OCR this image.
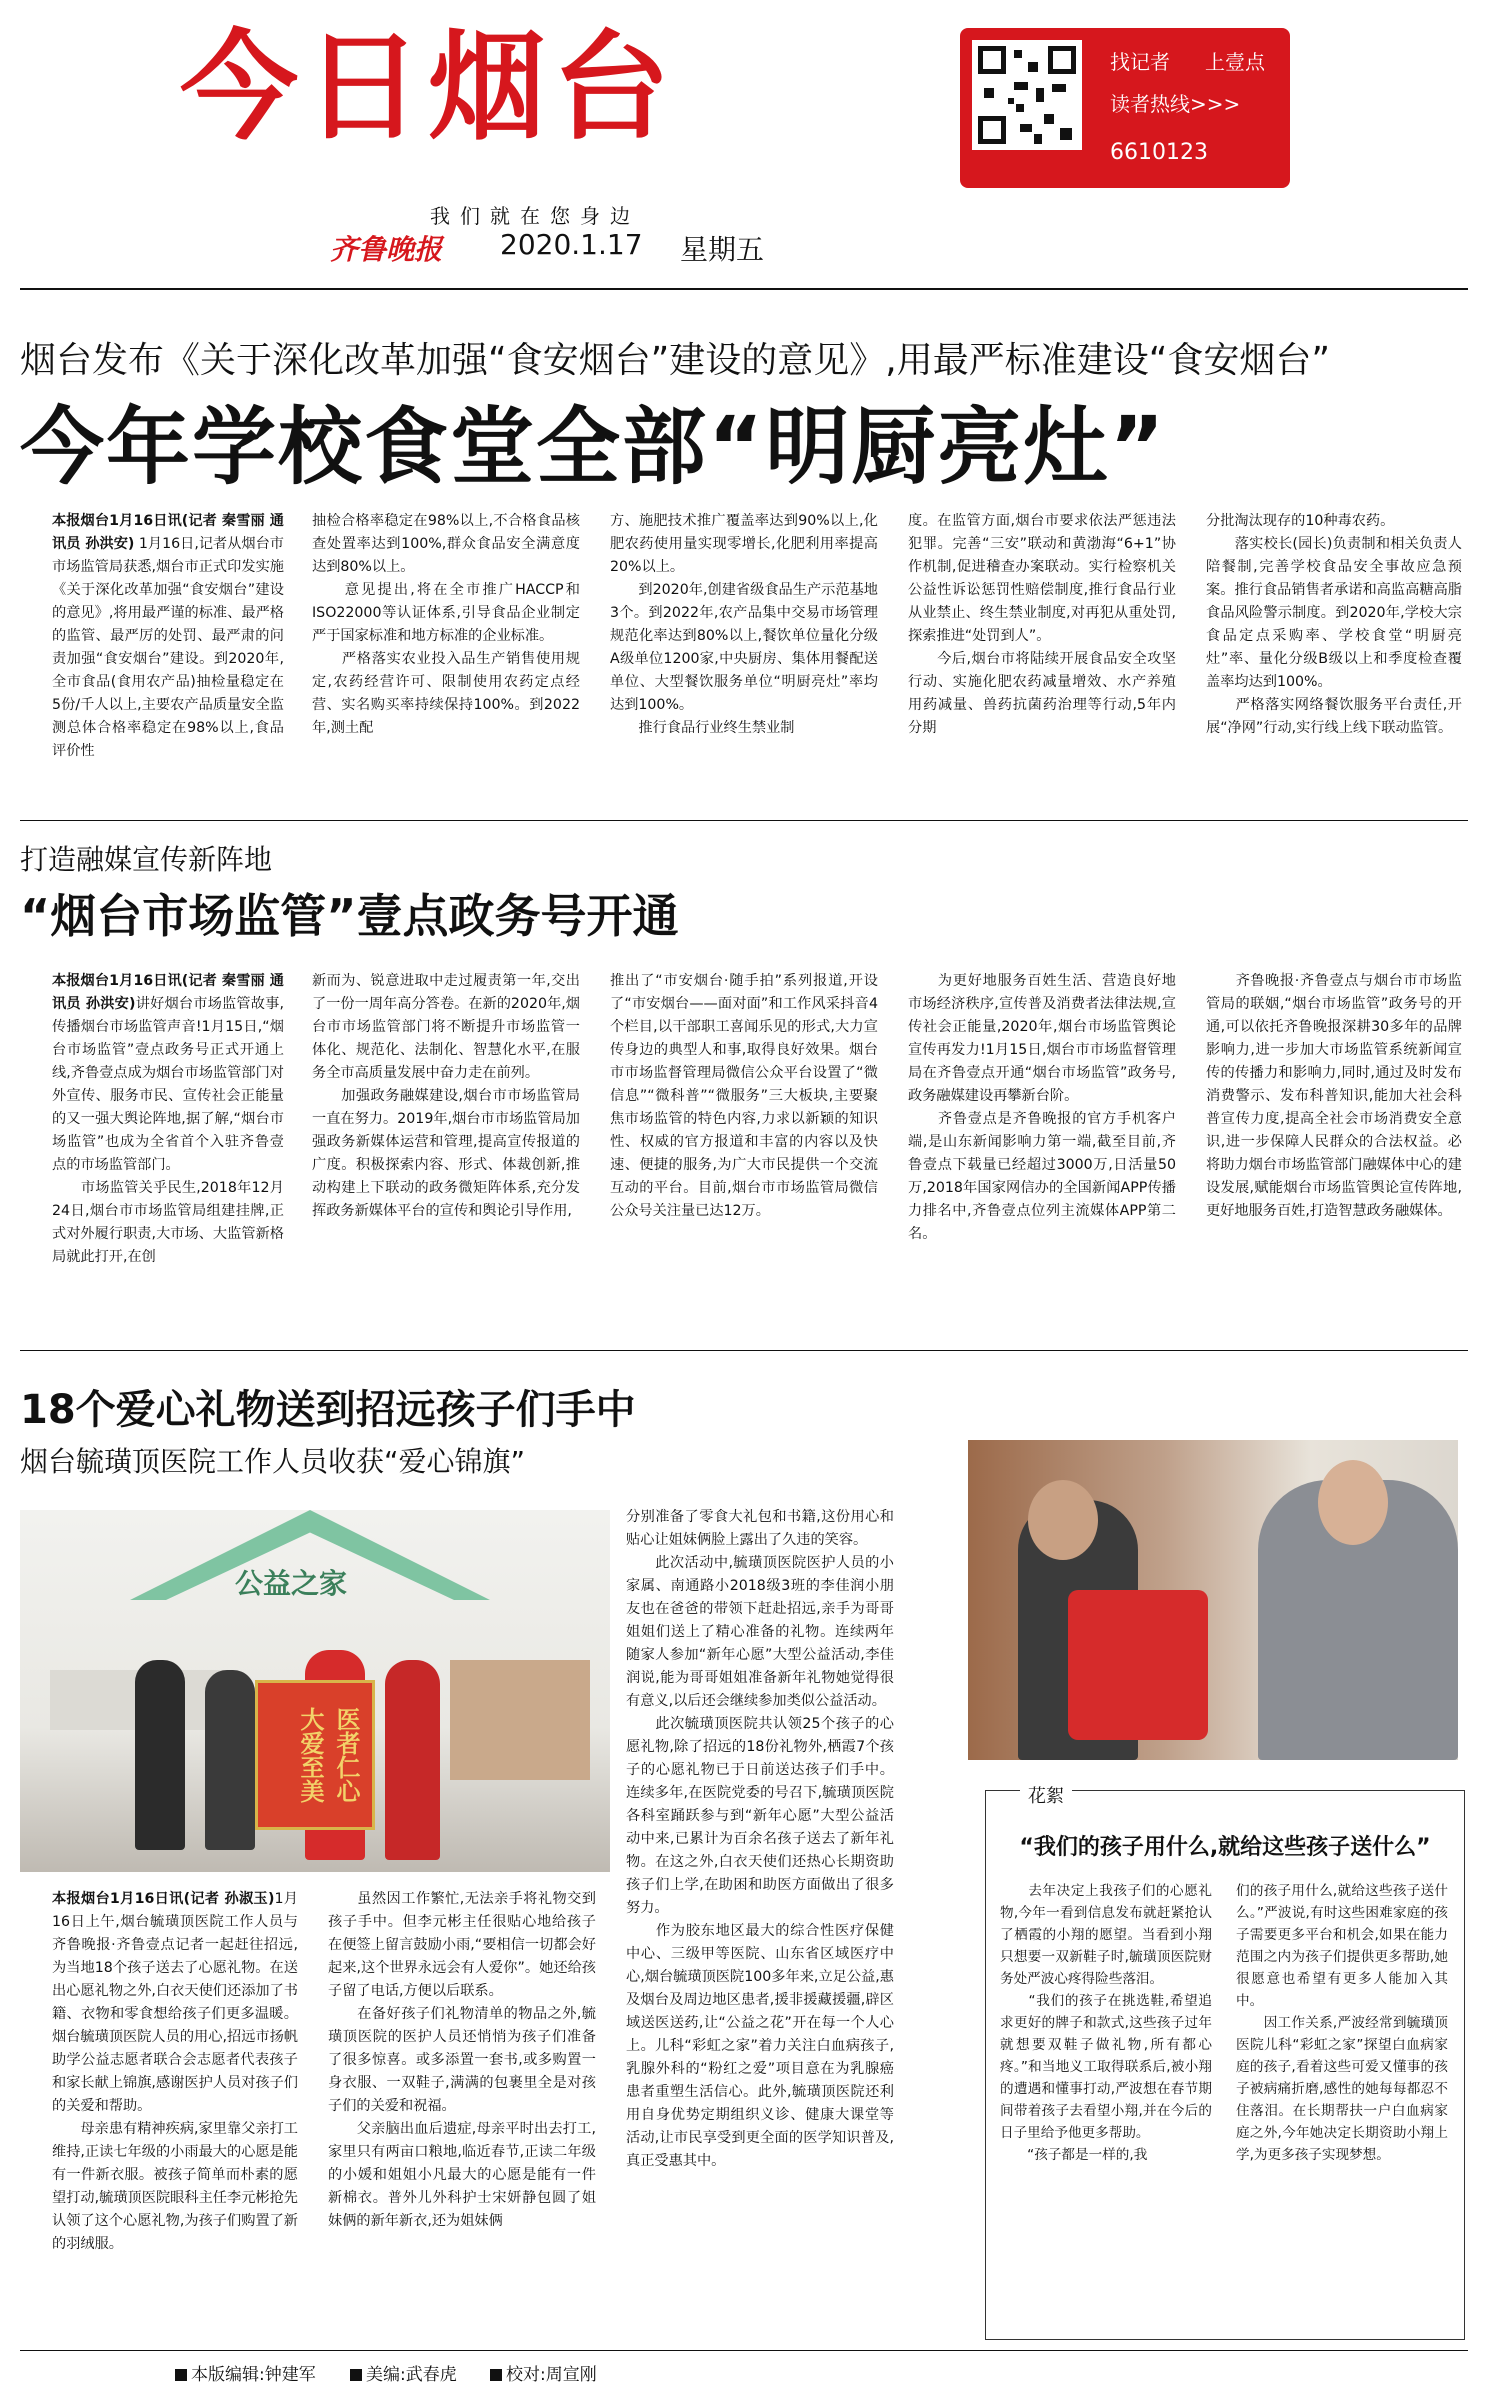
今日烟台
我们就在您身边
齐鲁晚报 2020.1.17 星期五
找记者 上壹点
读者热线>>>
6610123
烟台发布《关于深化改革加强“食安烟台”建设的意见》,用最严标准建设“食安烟台”
今年学校食堂全部“明厨亮灶”
本报烟台1月16日讯(记者 秦雪丽 通讯员 孙洪安) 1月16日,记者从烟台市市场监管局获悉,烟台市正式印发实施《关于深化改革加强“食安烟台”建设的意见》,将用最严谨的标准、最严格的监管、最严厉的处罚、最严肃的问责加强“食安烟台”建设。到2020年,全市食品(食用农产品)抽检量稳定在5份/千人以上,主要农产品质量安全监测总体合格率稳定在98%以上,食品评价性
抽检合格率稳定在98%以上,不合格食品核查处置率达到100%,群众食品安全满意度达到80%以上。
　　意见提出,将在全市推广HACCP和ISO22000等认证体系,引导食品企业制定严于国家标准和地方标准的企业标准。
　　严格落实农业投入品生产销售使用规定,农药经营许可、限制使用农药定点经营、实名购买率持续保持100%。到2022年,测土配
方、施肥技术推广覆盖率达到90%以上,化肥农药使用量实现零增长,化肥利用率提高20%以上。
　　到2020年,创建省级食品生产示范基地3个。到2022年,农产品集中交易市场管理规范化率达到80%以上,餐饮单位量化分级A级单位1200家,中央厨房、集体用餐配送单位、大型餐饮服务单位“明厨亮灶”率均达到100%。
　　推行食品行业终生禁业制
度。在监管方面,烟台市要求依法严惩违法犯罪。完善“三安”联动和黄渤海“6+1”协作机制,促进稽查办案联动。实行检察机关公益性诉讼惩罚性赔偿制度,推行食品行业从业禁止、终生禁业制度,对再犯从重处罚,探索推进“处罚到人”。
　　今后,烟台市将陆续开展食品安全攻坚行动、实施化肥农药减量增效、水产养殖用药减量、兽药抗菌药治理等行动,5年内分期
分批淘汰现存的10种毒农药。
　　落实校长(园长)负责制和相关负责人陪餐制,完善学校食品安全事故应急预案。推行食品销售者承诺和高监高糖高脂食品风险警示制度。到2020年,学校大宗食品定点采购率、学校食堂“明厨亮灶”率、量化分级B级以上和季度检查覆盖率均达到100%。
　　严格落实网络餐饮服务平台责任,开展“净网”行动,实行线上线下联动监管。
打造融媒宣传新阵地
“烟台市场监管”壹点政务号开通
本报烟台1月16日讯(记者 秦雪丽 通讯员 孙洪安)讲好烟台市场监管故事,传播烟台市场监管声音!1月15日,“烟台市场监管”壹点政务号正式开通上线,齐鲁壹点成为烟台市场监管部门对外宣传、服务市民、宣传社会正能量的又一强大舆论阵地,据了解,“烟台市场监管”也成为全省首个入驻齐鲁壹点的市场监管部门。
　　市场监管关乎民生,2018年12月24日,烟台市市场监管局组建挂牌,正式对外履行职责,大市场、大监管新格局就此打开,在创
新而为、锐意进取中走过履责第一年,交出了一份一周年高分答卷。在新的2020年,烟台市市场监管部门将不断提升市场监管一体化、规范化、法制化、智慧化水平,在服务全市高质量发展中奋力走在前列。
　　加强政务融媒建设,烟台市市场监管局一直在努力。2019年,烟台市市场监管局加强政务新媒体运营和管理,提高宣传报道的广度。积极探索内容、形式、体裁创新,推动构建上下联动的政务微矩阵体系,充分发挥政务新媒体平台的宣传和舆论引导作用,
推出了“市安烟台·随手拍”系列报道,开设了“市安烟台——面对面”和工作风采抖音4个栏目,以干部职工喜闻乐见的形式,大力宣传身边的典型人和事,取得良好效果。烟台市市场监督管理局微信公众平台设置了“微信息”“微科普”“微服务”三大板块,主要聚焦市场监管的特色内容,力求以新颖的知识性、权威的官方报道和丰富的内容以及快速、便捷的服务,为广大市民提供一个交流互动的平台。目前,烟台市市场监管局微信公众号关注量已达12万。
　　为更好地服务百姓生活、营造良好地市场经济秩序,宣传普及消费者法律法规,宣传社会正能量,2020年,烟台市场监管舆论宣传再发力!1月15日,烟台市市场监督管理局在齐鲁壹点开通“烟台市场监管”政务号,政务融媒建设再攀新台阶。
　　齐鲁壹点是齐鲁晚报的官方手机客户端,是山东新闻影响力第一端,截至目前,齐鲁壹点下载量已经超过3000万,日活量50万,2018年国家网信办的全国新闻APP传播力排名中,齐鲁壹点位列主流媒体APP第二名。
　　齐鲁晚报·齐鲁壹点与烟台市市场监管局的联姻,“烟台市场监管”政务号的开通,可以依托齐鲁晚报深耕30多年的品牌影响力,进一步加大市场监管系统新闻宣传的传播力和影响力,同时,通过及时发布消费警示、发布科普知识,能加大社会科普宣传力度,提高全社会市场消费安全意识,进一步保障人民群众的合法权益。必将助力烟台市场监管部门融媒体中心的建设发展,赋能烟台市场监管舆论宣传阵地,更好地服务百姓,打造智慧政务融媒体。
18个爱心礼物送到招远孩子们手中
烟台毓璜顶医院工作人员收获“爱心锦旗”
公益之家
医者仁心 大爱至美
本报烟台1月16日讯(记者 孙淑玉)1月16日上午,烟台毓璜顶医院工作人员与齐鲁晚报·齐鲁壹点记者一起赶往招远,为当地18个孩子送去了心愿礼物。在送出心愿礼物之外,白衣天使们还添加了书籍、衣物和零食想给孩子们更多温暖。烟台毓璜顶医院人员的用心,招远市扬帆助学公益志愿者联合会志愿者代表孩子和家长献上锦旗,感谢医护人员对孩子们的关爱和帮助。
　　母亲患有精神疾病,家里靠父亲打工维持,正读七年级的小雨最大的心愿是能有一件新衣服。被孩子简单而朴素的愿望打动,毓璜顶医院眼科主任李元彬抢先认领了这个心愿礼物,为孩子们购置了新的羽绒服。
　　虽然因工作繁忙,无法亲手将礼物交到孩子手中。但李元彬主任很贴心地给孩子在便签上留言鼓励小雨,“要相信一切都会好起来,这个世界永远会有人爱你”。她还给孩子留了电话,方便以后联系。
　　在备好孩子们礼物清单的物品之外,毓璜顶医院的医护人员还悄悄为孩子们准备了很多惊喜。或多添置一套书,或多购置一身衣服、一双鞋子,满满的包裹里全是对孩子们的关爱和祝福。
　　父亲脑出血后遗症,母亲平时出去打工,家里只有两亩口粮地,临近春节,正读二年级的小媛和姐姐小凡最大的心愿是能有一件新棉衣。普外儿外科护士宋妍静包圆了姐妹俩的新年新衣,还为姐妹俩
分别准备了零食大礼包和书籍,这份用心和贴心让姐妹俩脸上露出了久违的笑容。
　　此次活动中,毓璜顶医院医护人员的小家属、南通路小2018级3班的李佳润小朋友也在爸爸的带领下赶赴招远,亲手为哥哥姐姐们送上了精心准备的礼物。连续两年随家人参加“新年心愿”大型公益活动,李佳润说,能为哥哥姐姐准备新年礼物她觉得很有意义,以后还会继续参加类似公益活动。
　　此次毓璜顶医院共认领25个孩子的心愿礼物,除了招远的18份礼物外,栖霞7个孩子的心愿礼物已于日前送达孩子们手中。连续多年,在医院党委的号召下,毓璜顶医院各科室踊跃参与到“新年心愿”大型公益活动中来,已累计为百余名孩子送去了新年礼物。在这之外,白衣天使们还热心长期资助孩子们上学,在助困和助医方面做出了很多努力。
　　作为胶东地区最大的综合性医疗保健中心、三级甲等医院、山东省区域医疗中心,烟台毓璜顶医院100多年来,立足公益,惠及烟台及周边地区患者,援非援藏援疆,辟区域送医送药,让“公益之花”开在每一个人心上。儿科“彩虹之家”着力关注白血病孩子,乳腺外科的“粉红之爱”项目意在为乳腺癌患者重塑生活信心。此外,毓璜顶医院还利用自身优势定期组织义诊、健康大课堂等活动,让市民享受到更全面的医学知识普及,真正受惠其中。
花絮
“我们的孩子用什么,就给这些孩子送什么”
　　去年决定上我孩子们的心愿礼物,今年一看到信息发布就赶紧抢认了栖霞的小翔的愿望。当看到小翔只想要一双新鞋子时,毓璜顶医院财务处严波心疼得险些落泪。
　　“我们的孩子在挑选鞋,希望追求更好的牌子和款式,这些孩子过年就想要双鞋子做礼物,所有都心疼。”和当地义工取得联系后,被小翔的遭遇和懂事打动,严波想在春节期间带着孩子去看望小翔,并在今后的日子里给予他更多帮助。
　　“孩子都是一样的,我
们的孩子用什么,就给这些孩子送什么。”严波说,有时这些困难家庭的孩子需要更多平台和机会,如果在能力范围之内为孩子们提供更多帮助,她很愿意也希望有更多人能加入其中。
　　因工作关系,严波经常到毓璜顶医院儿科“彩虹之家”探望白血病家庭的孩子,看着这些可爱又懂事的孩子被病痛折磨,感性的她每每都忍不住落泪。在长期帮扶一户白血病家庭之外,今年她决定长期资助小翔上学,为更多孩子实现梦想。
本版编辑:钟建军	美编:武春虎	校对:周宣刚
